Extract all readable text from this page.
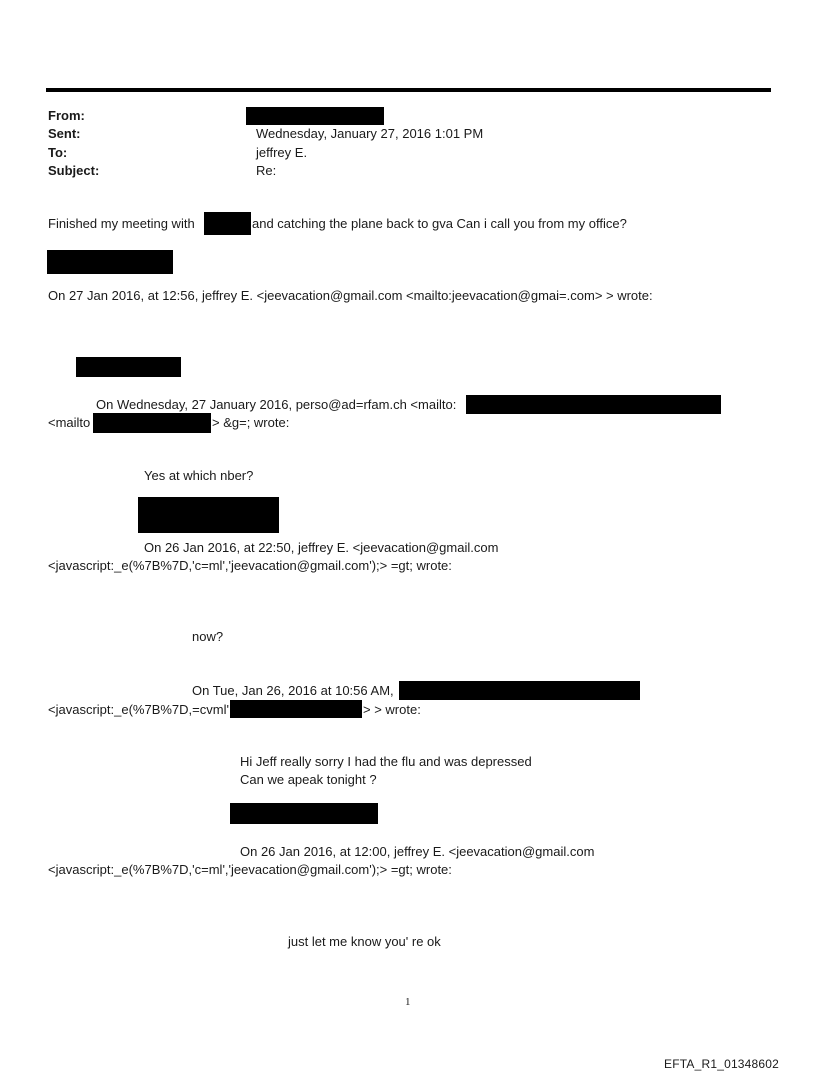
From:
Sent:	Wednesday, January 27, 2016 1:01 PM
To:	jeffrey E.
Subject:	Re:
Finished my meeting with	and catching the plane back to gva Can i call you from my office?
On 27 Jan 2016, at 12:56, jeffrey E. <jeevacation@gmail.com <mailto:jeevacation@gmai=.com> > wrote:
On Wednesday, 27 January 2016, perso@ad=rfam.ch <mailto:
<mailto	> &g=; wrote:
Yes at which nber?
On 26 Jan 2016, at 22:50, jeffrey E. <jeevacation@gmail.com
<javascript:_e(%7B%7D,'c=ml','jeevacation@gmail.com');> =gt; wrote:
now?
On Tue, Jan 26, 2016 at 10:56 AM,
<javascript:_e(%7B%7D,=cvml'	> > wrote:
Hi Jeff really sorry I had the flu and was depressed
Can we apeak tonight ?
On 26 Jan 2016, at 12:00, jeffrey E. <jeevacation@gmail.com
<javascript:_e(%7B%7D,'c=ml','jeevacation@gmail.com');> =gt; wrote:
just let me know you' re ok
1
EFTA_R1_01348602
